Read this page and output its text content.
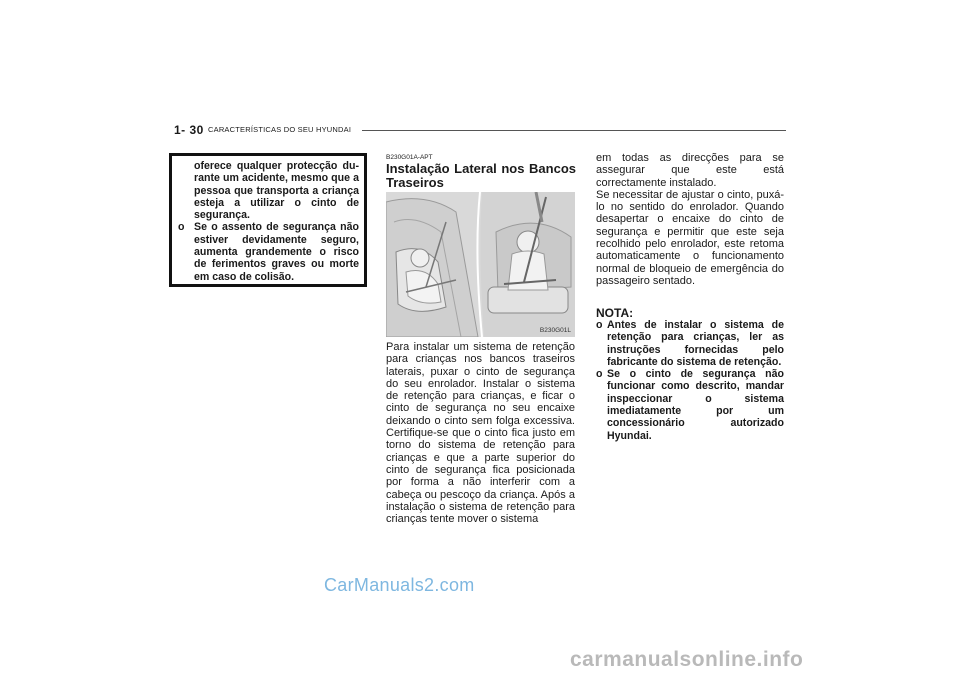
1- 30 CARACTERÍSTICAS DO SEU HYUNDAI
oferece qualquer protecção du-rante um acidente, mesmo que a pessoa que transporta a criança esteja a utilizar o cinto de segurança.
o Se o assento de segurança não estiver devidamente seguro, aumenta grandemente o risco de ferimentos graves ou morte em caso de colisão.
B230G01A-APT
Instalação Lateral nos Bancos Traseiros
B230G01L
Para instalar um sistema de retenção para crianças nos bancos traseiros laterais, puxar o cinto de segurança do seu enrolador. Instalar o sistema de retenção para crianças, e ficar o cinto de segurança no seu encaixe deixando o cinto sem folga excessiva. Certifique-se que o cinto fica justo em torno do sistema de retenção para crianças e que a parte superior do cinto de segurança fica posicionada por forma a não interferir com a cabeça ou pescoço da criança. Após a instalação o sistema de retenção para crianças tente mover o sistema
em todas as direcções para se assegurar que este está correctamente instalado.
Se necessitar de ajustar o cinto, puxá-lo no sentido do enrolador. Quando desapertar o encaixe do cinto de segurança e permitir que este seja recolhido pelo enrolador, este retoma automaticamente o funcionamento normal de bloqueio de emergência do passageiro sentado.
NOTA:
o Antes de instalar o sistema de retenção para crianças, ler as instruções fornecidas pelo fabricante do sistema de retenção.
o Se o cinto de segurança não funcionar como descrito, mandar inspeccionar o sistema imediatamente por um concessionário autorizado Hyundai.
CarManuals2.com
carmanualsonline.info
